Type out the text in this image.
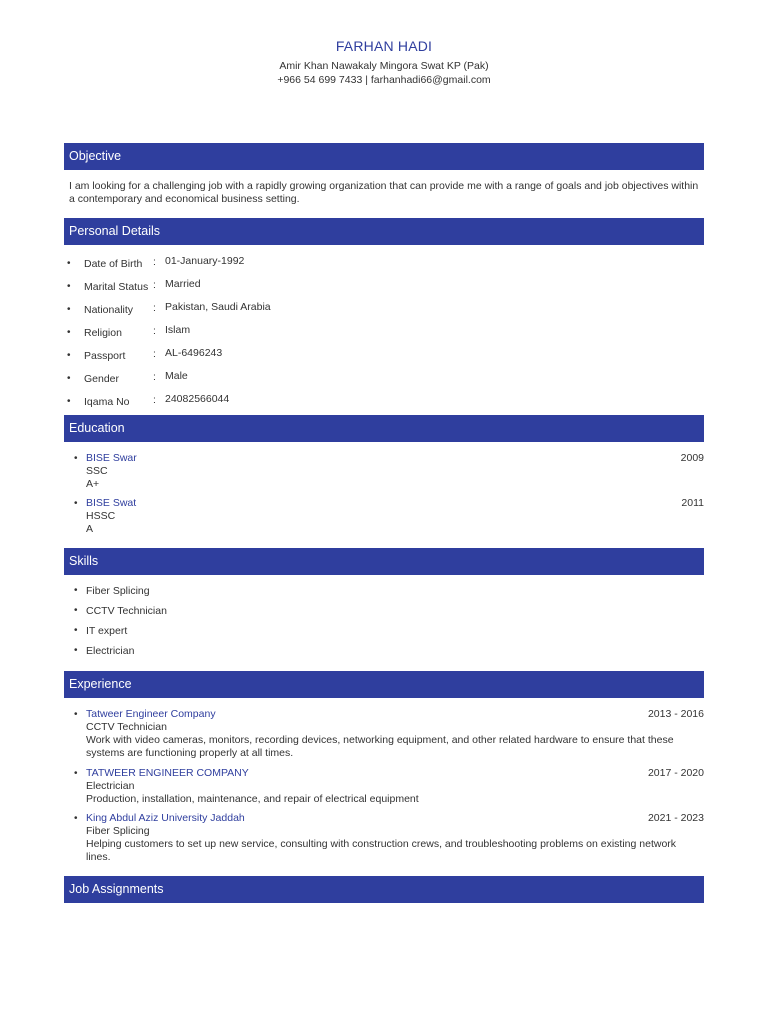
FARHAN HADI
Amir Khan Nawakaly Mingora Swat KP (Pak)
+966 54 699 7433 | farhanhadi66@gmail.com
Objective
I am looking for a challenging job with a rapidly growing organization that can provide me with a range of goals and job objectives within a contemporary and economical business setting.
Personal Details
• Date of Birth	: 01-January-1992
• Marital Status : Married
• Nationality	: Pakistan, Saudi Arabia
• Religion	: Islam
• Passport	: AL-6496243
• Gender	: Male
• Iqama No	: 24082566044
Education
• BISE Swar	2009
SSC
A+
• BISE Swat	2011
HSSC
A
Skills
• Fiber Splicing
• CCTV Technician
• IT expert
• Electrician
Experience
• Tatweer Engineer Company	2013 - 2016
CCTV Technician
Work with video cameras, monitors, recording devices, networking equipment, and other related hardware to ensure that these systems are functioning properly at all times.
• TATWEER ENGINEER COMPANY	2017 - 2020
Electrician
Production, installation, maintenance, and repair of electrical equipment
• King Abdul Aziz University Jaddah	2021 - 2023
Fiber Splicing
Helping customers to set up new service, consulting with construction crews, and troubleshooting problems on existing network lines.
Job Assignments
